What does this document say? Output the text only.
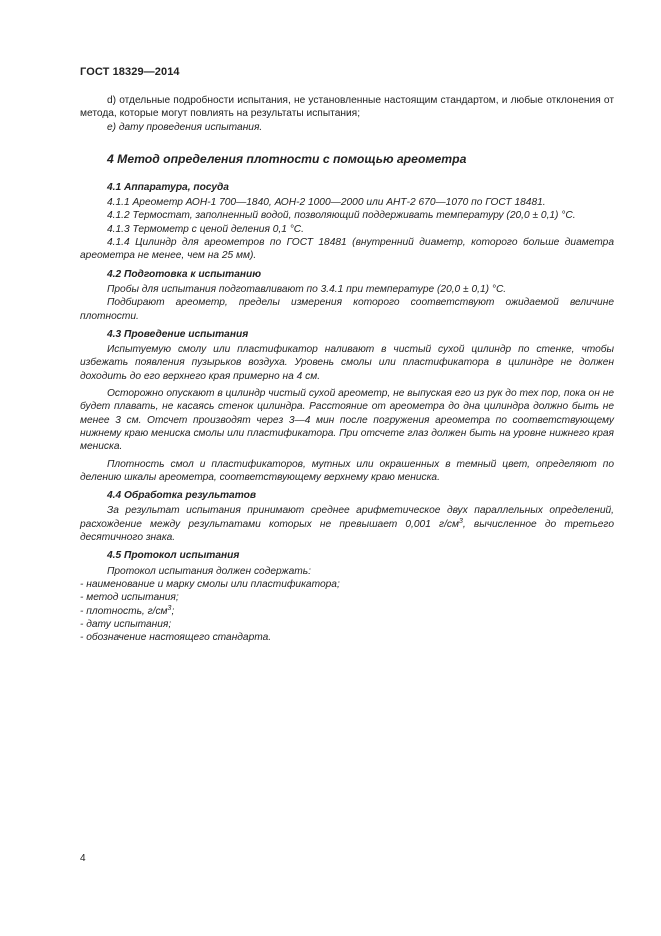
ГОСТ 18329—2014

d) отдельные подробности испытания, не установленные настоящим стандартом, и любые отклонения от метода, которые могут повлиять на результаты испытания;

е) дату проведения испытания.

4 Метод определения плотности с помощью ареометра
4.1 Аппаратура, посуда

4.1.1 Ареометр АОН-1 700—1840, АОН-2 1000—2000 или АНТ-2 670—1070 по ГОСТ 18481.

4.1.2 Термостат, заполненный водой, позволяющий поддерживать температуру (20,0 ± 0,1) °С.

4.1.3 Термометр с ценой деления 0,1 °С.

4.1.4 Цилиндр для ареометров по ГОСТ 18481 (внутренний диаметр, которого больше диаметра ареометра не менее, чем на 25 мм).

4.2 Подготовка к испытанию

Пробы для испытания подготавливают по 3.4.1 при температуре (20,0 ± 0,1) °С.

Подбирают ареометр, пределы измерения которого соответствуют ожидаемой величине плотности.

4.3 Проведение испытания

Испытуемую смолу или пластификатор наливают в чистый сухой цилиндр по стенке, чтобы избежать появления пузырьков воздуха. Уровень смолы или пластификатора в цилиндре не должен доходить до его верхнего края примерно на 4 см.

Осторожно опускают в цилиндр чистый сухой ареометр, не выпуская его из рук до тех пор, пока он не будет плавать, не касаясь стенок цилиндра. Расстояние от ареометра до дна цилиндра должно быть не менее 3 см. Отсчет производят через 3—4 мин после погружения ареометра по соответствующему нижнему краю мениска смолы или пластификатора. При отсчете глаз должен быть на уровне нижнего края мениска.

Плотность смол и пластификаторов, мутных или окрашенных в темный цвет, определяют по делению шкалы ареометра, соответствующему верхнему краю мениска.

4.4 Обработка результатов

За результат испытания принимают среднее арифметическое двух параллельных определений, расхождение между результатами которых не превышает 0,001 $г/см^3$, вычисленное до третьего десятичного знака.

4.5 Протокол испытания

Протокол испытания должен содержать:

- наименование и марку смолы или пластификатора;

- метод испытания;

- плотность, $г/см^3$;

- дату испытания;

- обозначение настоящего стандарта.

4
